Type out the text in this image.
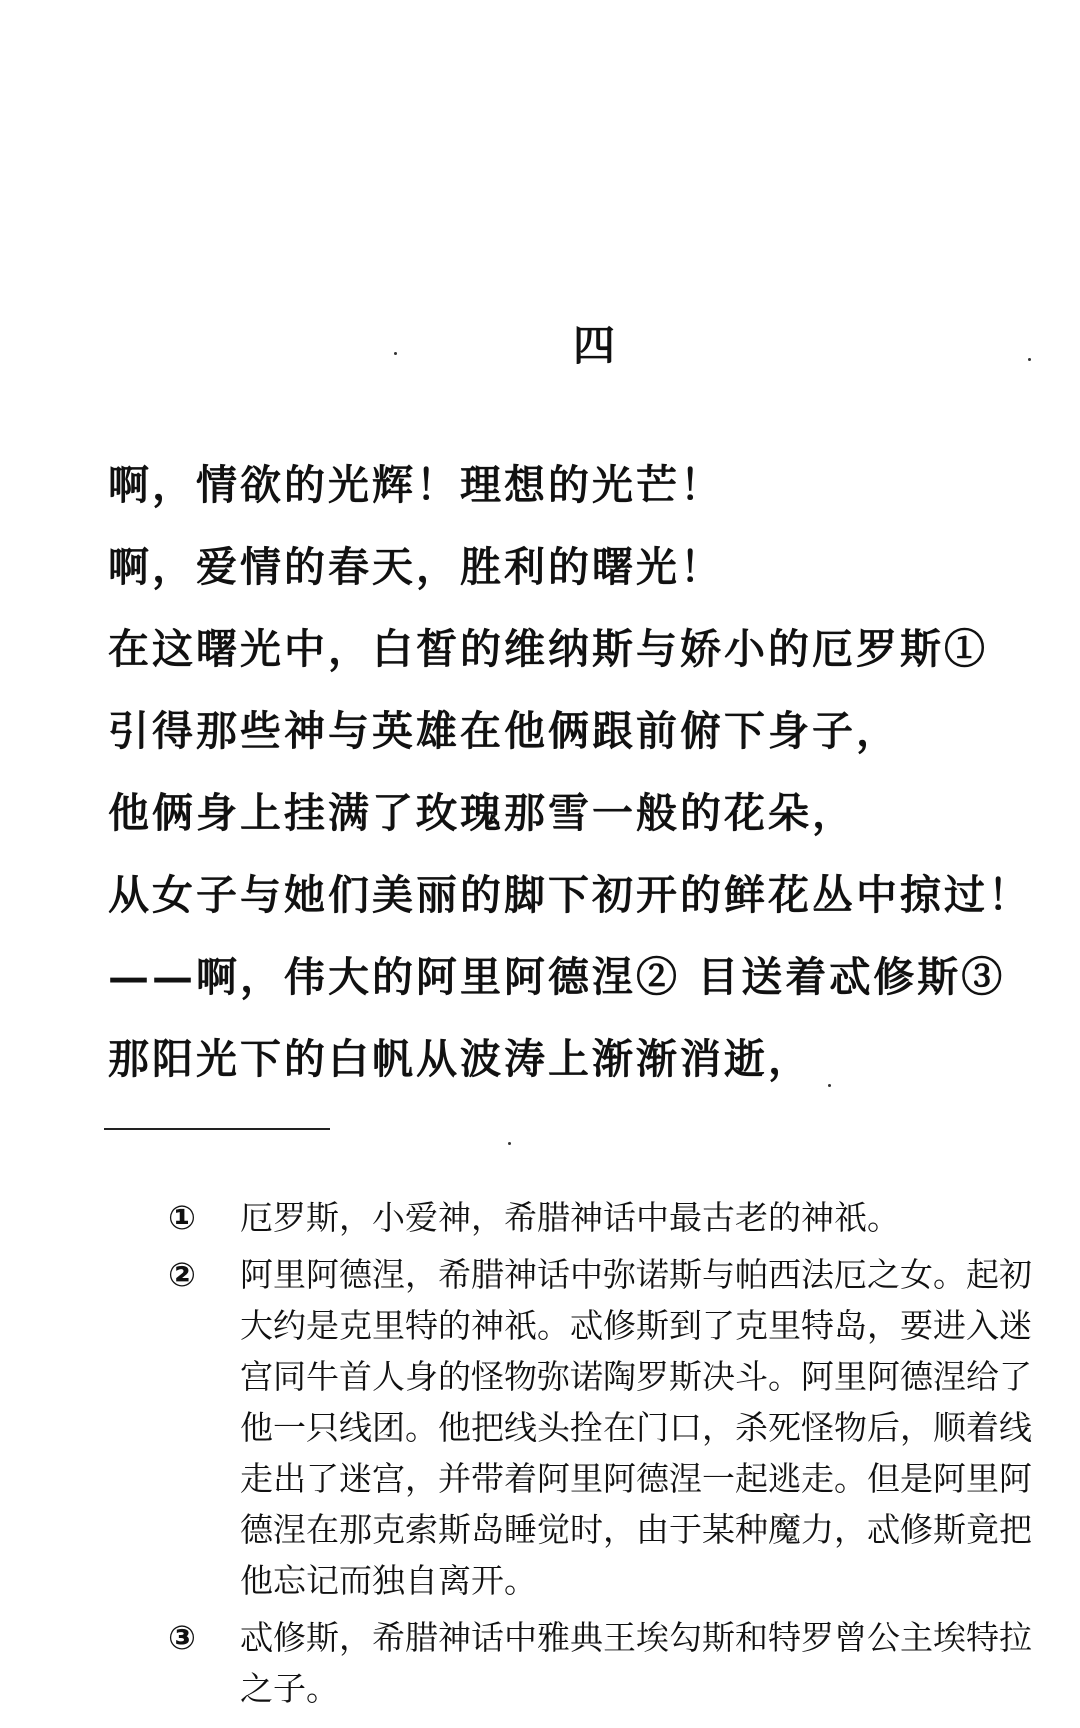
四
啊，情欲的光辉！理想的光芒！
啊，爱情的春天，胜利的曙光！
在这曙光中，白皙的维纳斯与娇小的厄罗斯①
引得那些神与英雄在他俩跟前俯下身子，
他俩身上挂满了玫瑰那雪一般的花朵，
从女子与她们美丽的脚下初开的鲜花丛中掠过！
——啊，伟大的阿里阿德涅② 目送着忒修斯③
那阳光下的白帆从波涛上渐渐消逝，
①	厄罗斯，小爱神，希腊神话中最古老的神祇。
②	阿里阿德涅，希腊神话中弥诺斯与帕西法厄之女。起初大约是克里特的神祇。忒修斯到了克里特岛，要进入迷宫同牛首人身的怪物弥诺陶罗斯决斗。阿里阿德涅给了他一只线团。他把线头拴在门口，杀死怪物后，顺着线走出了迷宫，并带着阿里阿德涅一起逃走。但是阿里阿德涅在那克索斯岛睡觉时，由于某种魔力，忒修斯竟把他忘记而独自离开。
③	忒修斯，希腊神话中雅典王埃勾斯和特罗曾公主埃特拉之子。
